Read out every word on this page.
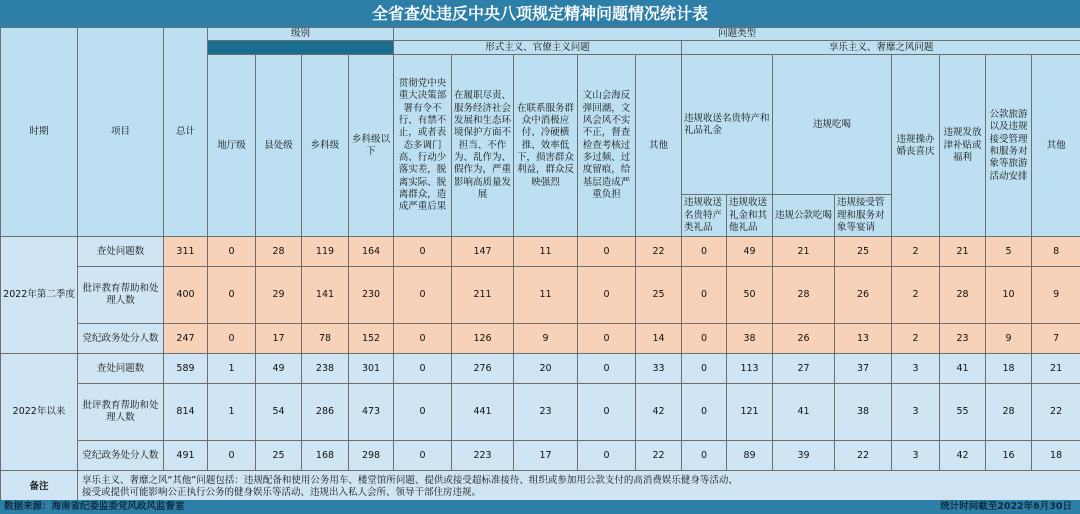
全省查处违反中央八项规定精神问题情况统计表
时期	项目	总计	级别				问题类型												
							形式主义、官僚主义问题					享乐主义、奢靡之风问题							
			地厅级	县处级	乡科级	乡科级以下	贯彻党中央重大决策部署有令不行、有禁不止，或者表态多调门高、行动少落实差，脱离实际、脱离群众，造成严重后果	在履职尽责、服务经济社会发展和生态环境保护方面不担当、不作为、乱作为、假作为，严重影响高质量发展	在联系服务群众中消极应付、冷硬横推、效率低下，损害群众利益，群众反映强烈	文山会海反弹回潮，文风会风不实不正，督查检查考核过多过频、过度留痕，给基层造成严重负担	其他	违规收送名贵特产和礼品礼金		违规吃喝		违规操办婚丧喜庆	违规发放津补贴或福利	公款旅游以及违规接受管理和服务对象等旅游活动安排	其他
												违规收送名贵特产类礼品	违规收送礼金和其他礼品	违规公款吃喝	违规接受管理和服务对象等宴请				
2022年第二季度	查处问题数	311	0	28	119	164	0	147	11	0	22	0	49	21	25	2	21	5	8
	批评教育帮助和处理人数	400	0	29	141	230	0	211	11	0	25	0	50	28	26	2	28	10	9
	党纪政务处分人数	247	0	17	78	152	0	126	9	0	14	0	38	26	13	2	23	9	7
2022年以来	查处问题数	589	1	49	238	301	0	276	20	0	33	0	113	27	37	3	41	18	21
	批评教育帮助和处理人数	814	1	54	286	473	0	441	23	0	42	0	121	41	38	3	55	28	22
	党纪政务处分人数	491	0	25	168	298	0	223	17	0	22	0	89	39	22	3	42	16	18
备注	享乐主义、奢靡之风“其他”问题包括：违规配备和使用公务用车、楼堂馆所问题、提供或接受超标准接待、组织或参加用公款支付的高消费娱乐健身等活动、
接受或提供可能影响公正执行公务的健身娱乐等活动、违规出入私人会所、领导干部住房违规。																		
数据来源：海南省纪委监委党风政风监督室	统计时间截至2022年6月30日
